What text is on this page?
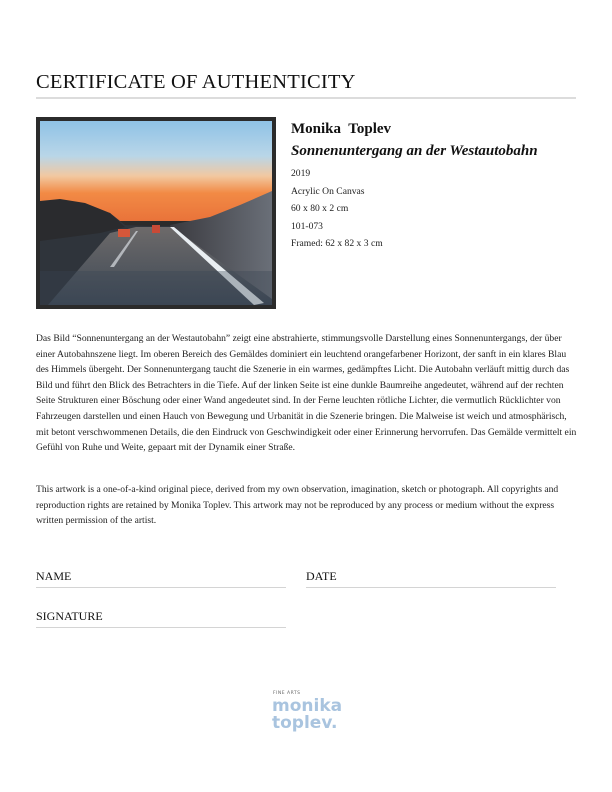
CERTIFICATE OF AUTHENTICITY
Monika  Toplev
Sonnenuntergang an der Westautobahn
2019
Acrylic On Canvas
60 x 80 x 2 cm
101-073
Framed: 62 x 82 x 3 cm

Das Bild “Sonnenuntergang an der Westautobahn” zeigt eine abstrahierte, stimmungsvolle Darstellung eines Sonnenuntergangs, der über einer Autobahnszene liegt. Im oberen Bereich des Gemäldes dominiert ein leuchtend orangefarbener Horizont, der sanft in ein klares Blau des Himmels übergeht. Der Sonnenuntergang taucht die Szenerie in ein warmes, gedämpftes Licht. Die Autobahn verläuft mittig durch das Bild und führt den Blick des Betrachters in die Tiefe. Auf der linken Seite ist eine dunkle Baumreihe angedeutet, während auf der rechten Seite Strukturen einer Böschung oder einer Wand angedeutet sind. In der Ferne leuchten rötliche Lichter, die vermutlich Rücklichter von Fahrzeugen darstellen und einen Hauch von Bewegung und Urbanität in die Szenerie bringen. Die Malweise ist weich und atmosphärisch, mit betont verschwommenen Details, die den Eindruck von Geschwindigkeit oder einer Erinnerung hervorrufen. Das Gemälde vermittelt ein Gefühl von Ruhe und Weite, gepaart mit der Dynamik einer Straße.

This artwork is a one-of-a-kind original piece, derived from my own observation, imagination, sketch or photograph. All copyrights and reproduction rights are retained by Monika Toplev. This artwork may not be reproduced by any process or medium without the express written permission of the artist.

NAME	DATE
SIGNATURE
FINE ARTS
monika
toplev.
